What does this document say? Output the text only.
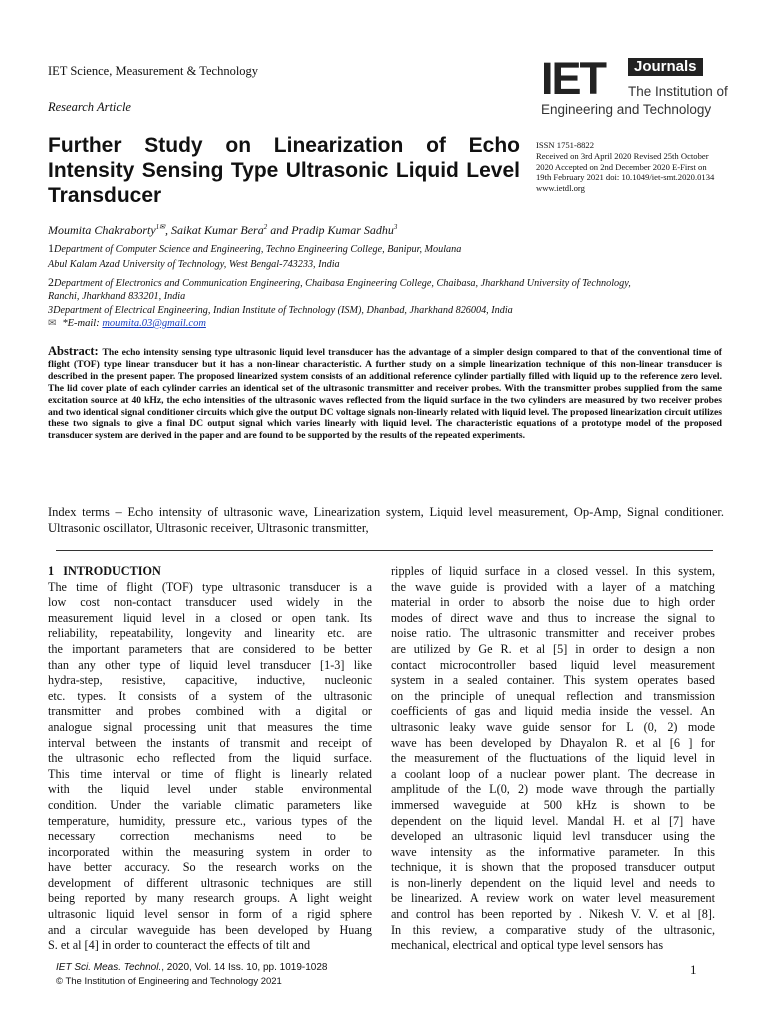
IET Science, Measurement & Technology
Research Article
IET	Journals
The Institution of
Engineering and Technology
Further Study on Linearization of Echo Intensity Sensing Type Ultrasonic Liquid Level Transducer
ISSN 1751-8822
Received on 3rd April 2020 Revised 25th October 2020 Accepted on 2nd December 2020 E-First on 19th February 2021 doi: 10.1049/iet-smt.2020.0134 www.ietdl.org
Moumita Chakraborty$^{1✉}$, Saikat Kumar Bera$^2$ and Pradip Kumar Sadhu$^3$
1Department of Computer Science and Engineering, Techno Engineering College, Banipur, Moulana
Abul Kalam Azad University of Technology, West Bengal-743233, India
2Department of Electronics and Communication Engineering, Chaibasa Engineering College, Chaibasa, Jharkhand University of Technology,
Ranchi, Jharkhand 833201, India
3Department of Electrical Engineering, Indian Institute of Technology (ISM), Dhanbad, Jharkhand 826004, India
✉ *E-mail: moumita.03@gmail.com
Abstract: The echo intensity sensing type ultrasonic liquid level transducer has the advantage of a simpler design compared to that of the conventional time of flight (TOF) type linear transducer but it has a non-linear characteristic. A further study on a simple linearization technique of this non-linear transducer is described in the present paper. The proposed linearized system consists of an additional reference cylinder partially filled with liquid up to the reference zero level. The lid cover plate of each cylinder carries an identical set of the ultrasonic transmitter and receiver probes. With the transmitter probes supplied from the same excitation source at 40 kHz, the echo intensities of the ultrasonic waves reflected from the liquid surface in the two cylinders are measured by two receiver probes and two identical signal conditioner circuits which give the output DC voltage signals non-linearly related with liquid level. The proposed linearization circuit utilizes these two signals to give a final DC output signal which varies linearly with liquid level. The characteristic equations of a prototype model of the proposed transducer system are derived in the paper and are found to be supported by the results of the repeated experiments.
Index terms – Echo intensity of ultrasonic wave, Linearization system, Liquid level measurement, Op-Amp, Signal conditioner. Ultrasonic oscillator, Ultrasonic receiver, Ultrasonic transmitter,
1 INTRODUCTION
The time of flight (TOF) type ultrasonic transducer is a
low cost non-contact transducer used widely in the
measurement liquid level in a closed or open tank. Its
reliability, repeatability, longevity and linearity etc. are
the important parameters that are considered to be better
than any other type of liquid level transducer [1-3] like
hydra-step, resistive, capacitive, inductive, nucleonic
etc. types. It consists of a system of the ultrasonic
transmitter and probes combined with a digital or
analogue signal processing unit that measures the time
interval between the instants of transmit and receipt of
the ultrasonic echo reflected from the liquid surface.
This time interval or time of flight is linearly related
with the liquid level under stable environmental
condition. Under the variable climatic parameters like
temperature, humidity, pressure etc., various types of the
necessary correction mechanisms need to be
incorporated within the measuring system in order to
have better accuracy. So the research works on the
development of different ultrasonic techniques are still
being reported by many research groups. A light weight
ultrasonic liquid level sensor in form of a rigid sphere
and a circular waveguide has been developed by Huang
S. et al [4] in order to counteract the effects of tilt and
ripples of liquid surface in a closed vessel. In this system,
the wave guide is provided with a layer of a matching
material in order to absorb the noise due to high order
modes of direct wave and thus to increase the signal to
noise ratio. The ultrasonic transmitter and receiver probes
are utilized by Ge R. et al [5] in order to design a non
contact microcontroller based liquid level measurement
system in a sealed container. This system operates based
on the principle of unequal reflection and transmission
coefficients of gas and liquid media inside the vessel. An
ultrasonic leaky wave guide sensor for L (0, 2) mode
wave has been developed by Dhayalon R. et al [6 ] for
the measurement of the fluctuations of the liquid level in
a coolant loop of a nuclear power plant. The decrease in
amplitude of the L(0, 2) mode wave through the partially
immersed waveguide at 500 kHz is shown to be
dependent on the liquid level. Mandal H. et al [7] have
developed an ultrasonic liquid levl transducer using the
wave intensity as the informative parameter. In this
technique, it is shown that the proposed transducer output
is non-linerly dependent on the liquid level and needs to
be linearized. A review work on water level measurement
and control has been reported by . Nikesh V. V. et al [8].
In this review, a comparative study of the ultrasonic,
mechanical, electrical and optical type level sensors has
IET Sci. Meas. Technol., 2020, Vol. 14 Iss. 10, pp. 1019-1028
© The Institution of Engineering and Technology 2021
1
